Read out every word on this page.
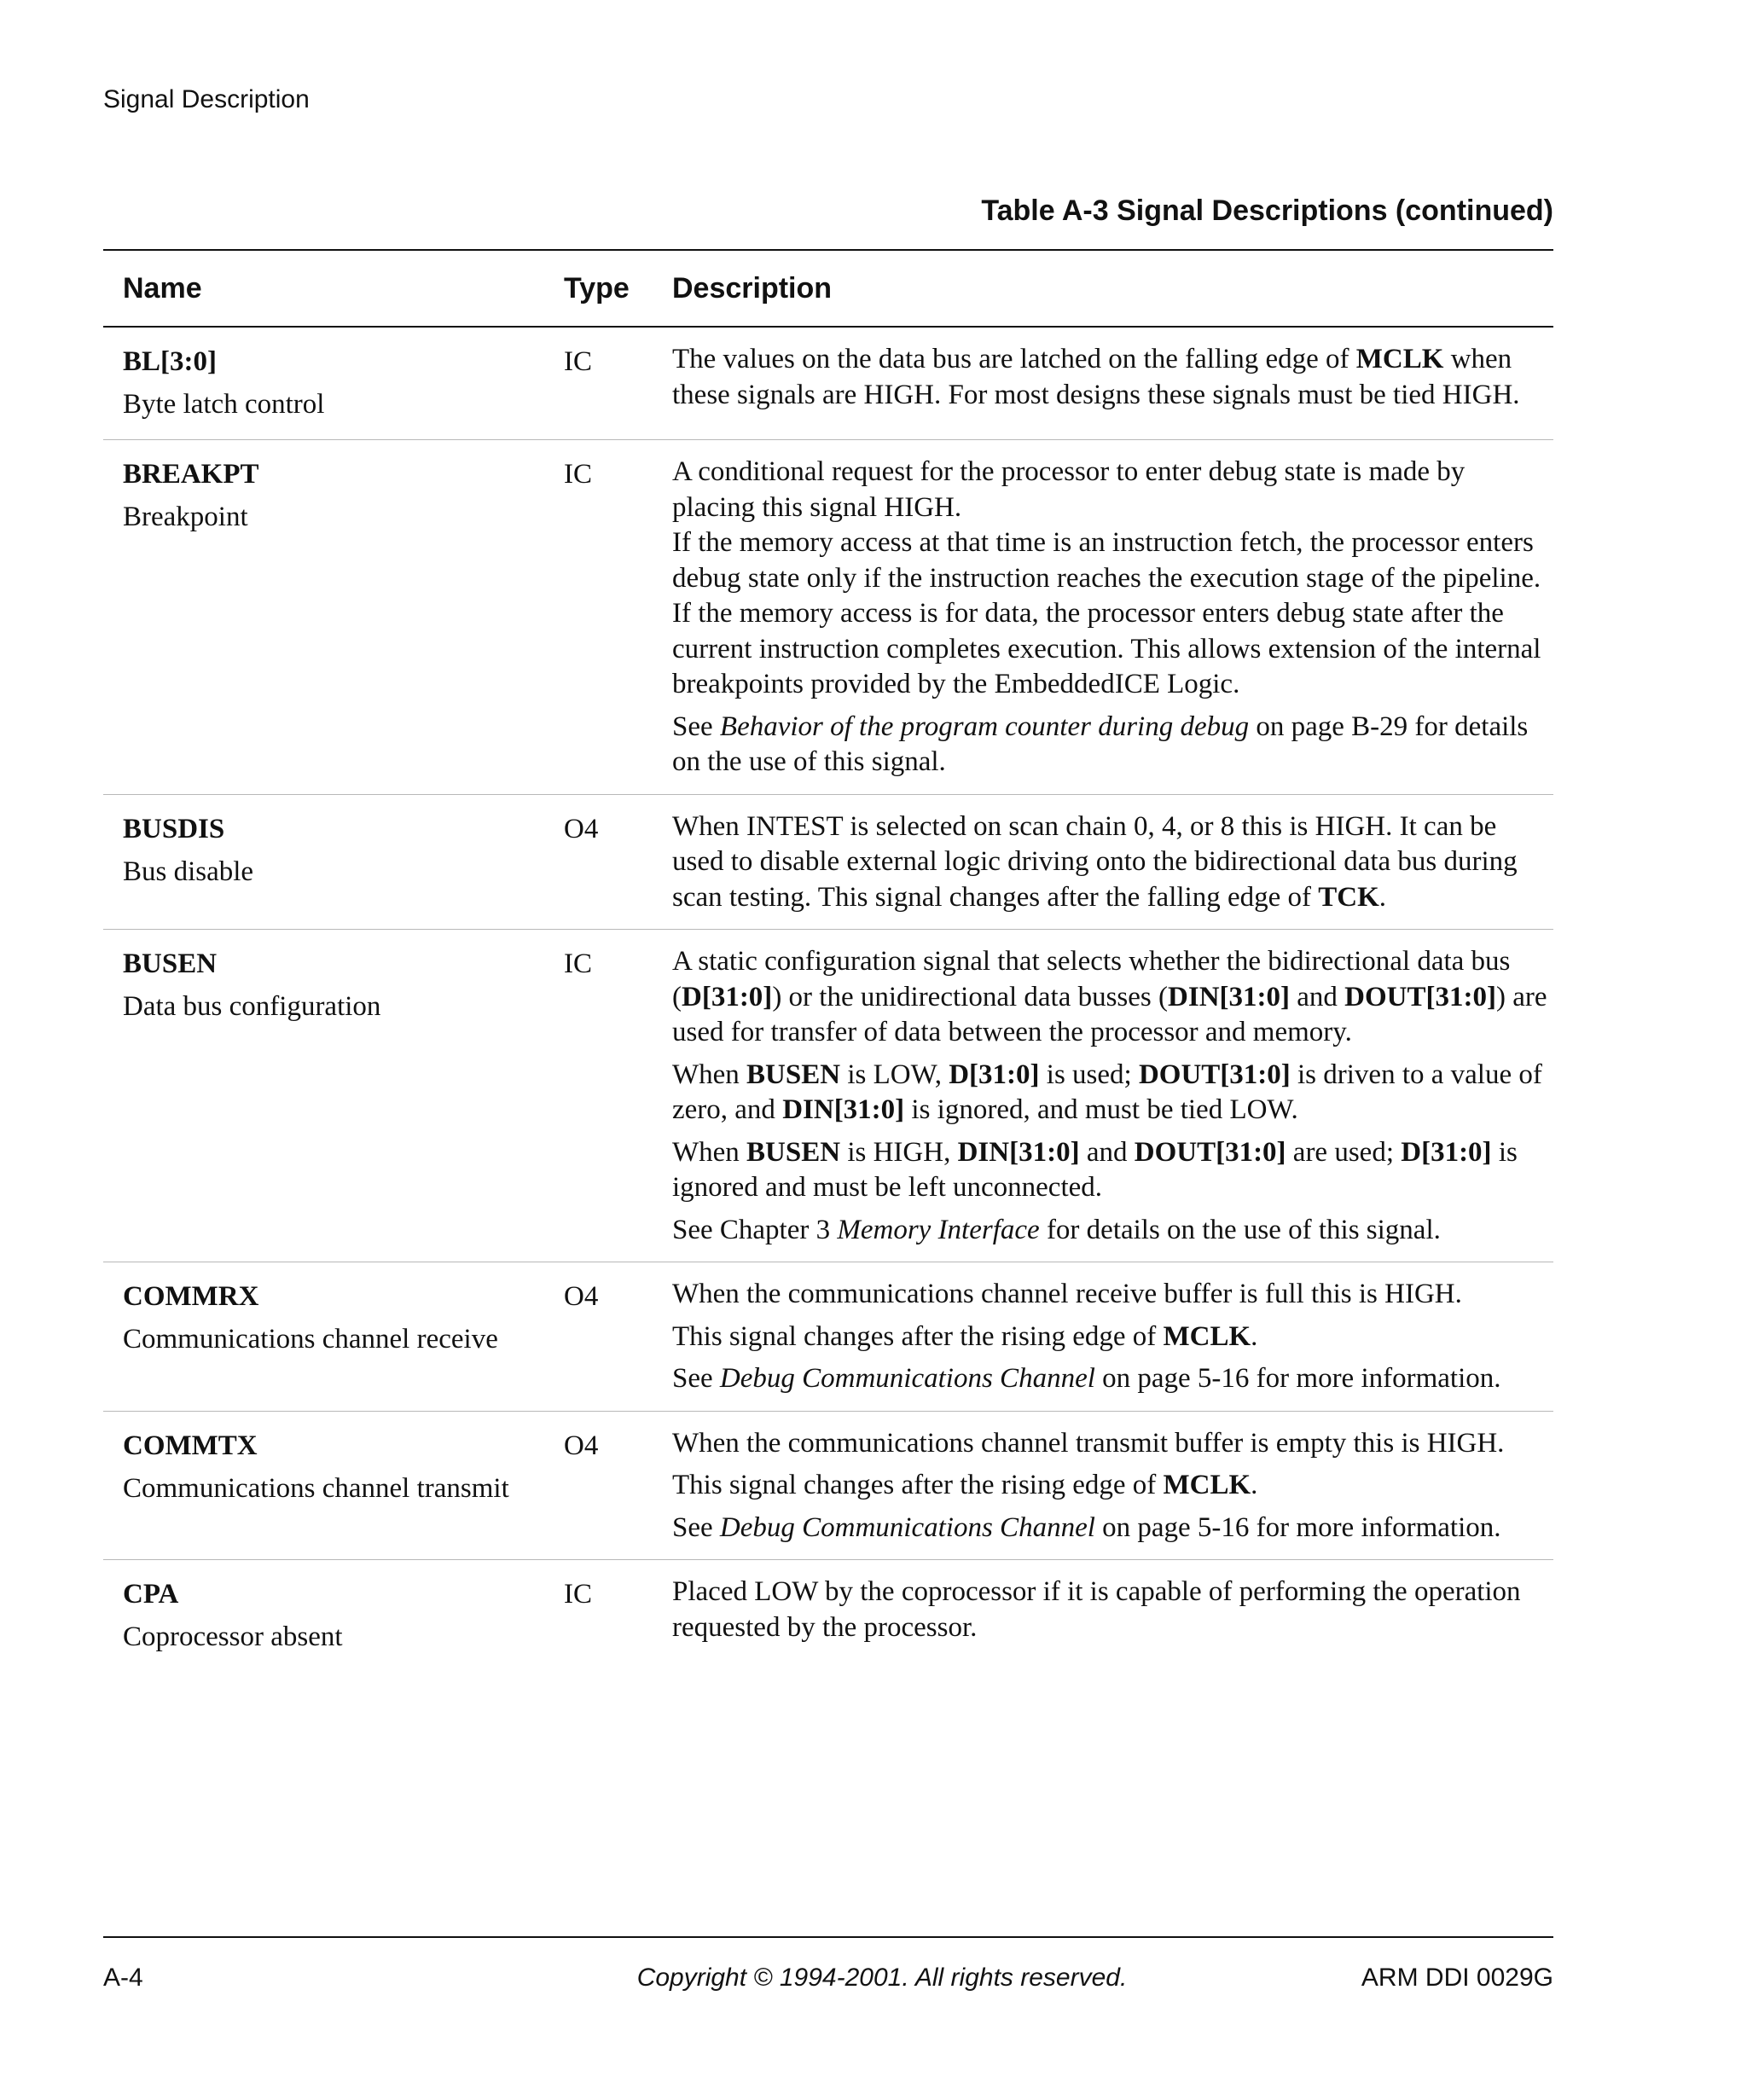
Signal Description
Table A-3 Signal Descriptions (continued)
Name	Type	Description
BL[3:0]
Byte latch control
IC	The values on the data bus are latched on the falling edge of MCLK when these signals are HIGH. For most designs these signals must be tied HIGH.

BREAKPT
Breakpoint
IC	A conditional request for the processor to enter debug state is made by placing this signal HIGH.

If the memory access at that time is an instruction fetch, the processor enters debug state only if the instruction reaches the execution stage of the pipeline.

If the memory access is for data, the processor enters debug state after the current instruction completes execution. This allows extension of the internal breakpoints provided by the EmbeddedICE Logic.

See Behavior of the program counter during debug on page B-29 for details on the use of this signal.

BUSDIS
Bus disable
O4	When INTEST is selected on scan chain 0, 4, or 8 this is HIGH. It can be used to disable external logic driving onto the bidirectional data bus during scan testing. This signal changes after the falling edge of TCK.

BUSEN
Data bus configuration
IC	A static configuration signal that selects whether the bidirectional data bus (D[31:0]) or the unidirectional data busses (DIN[31:0] and DOUT[31:0]) are used for transfer of data between the processor and memory.

When BUSEN is LOW, D[31:0] is used; DOUT[31:0] is driven to a value of zero, and DIN[31:0] is ignored, and must be tied LOW.

When BUSEN is HIGH, DIN[31:0] and DOUT[31:0] are used; D[31:0] is ignored and must be left unconnected.

See Chapter 3 Memory Interface for details on the use of this signal.

COMMRX
Communications channel receive
O4	When the communications channel receive buffer is full this is HIGH.

This signal changes after the rising edge of MCLK.

See Debug Communications Channel on page 5-16 for more information.

COMMTX
Communications channel transmit
O4	When the communications channel transmit buffer is empty this is HIGH.

This signal changes after the rising edge of MCLK.

See Debug Communications Channel on page 5-16 for more information.

CPA
Coprocessor absent
IC	Placed LOW by the coprocessor if it is capable of performing the operation requested by the processor.

A-4	Copyright © 1994-2001. All rights reserved.	ARM DDI 0029G
